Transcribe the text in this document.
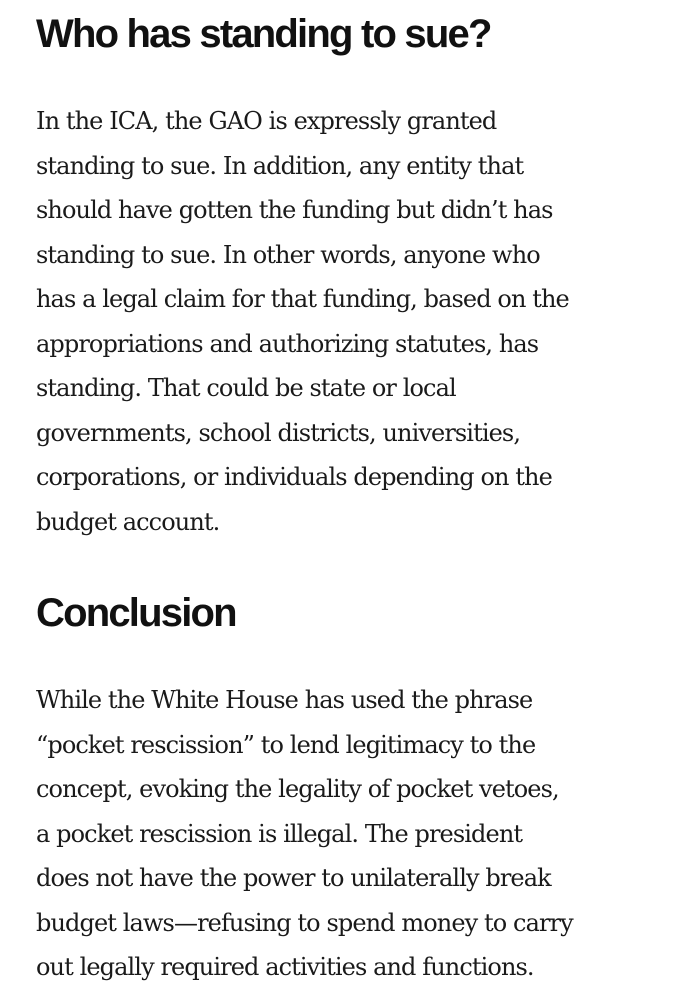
Who has standing to sue?

In the ICA, the GAO is expressly granted
standing to sue. In addition, any entity that
should have gotten the funding but didn’t has
standing to sue. In other words, anyone who
has a legal claim for that funding, based on the
appropriations and authorizing statutes, has
standing. That could be state or local
governments, school districts, universities,
corporations, or individuals depending on the
budget account.

Conclusion

While the White House has used the phrase
“pocket rescission” to lend legitimacy to the
concept, evoking the legality of pocket vetoes,
a pocket rescission is illegal. The president
does not have the power to unilaterally break
budget laws—refusing to spend money to carry
out legally required activities and functions.
